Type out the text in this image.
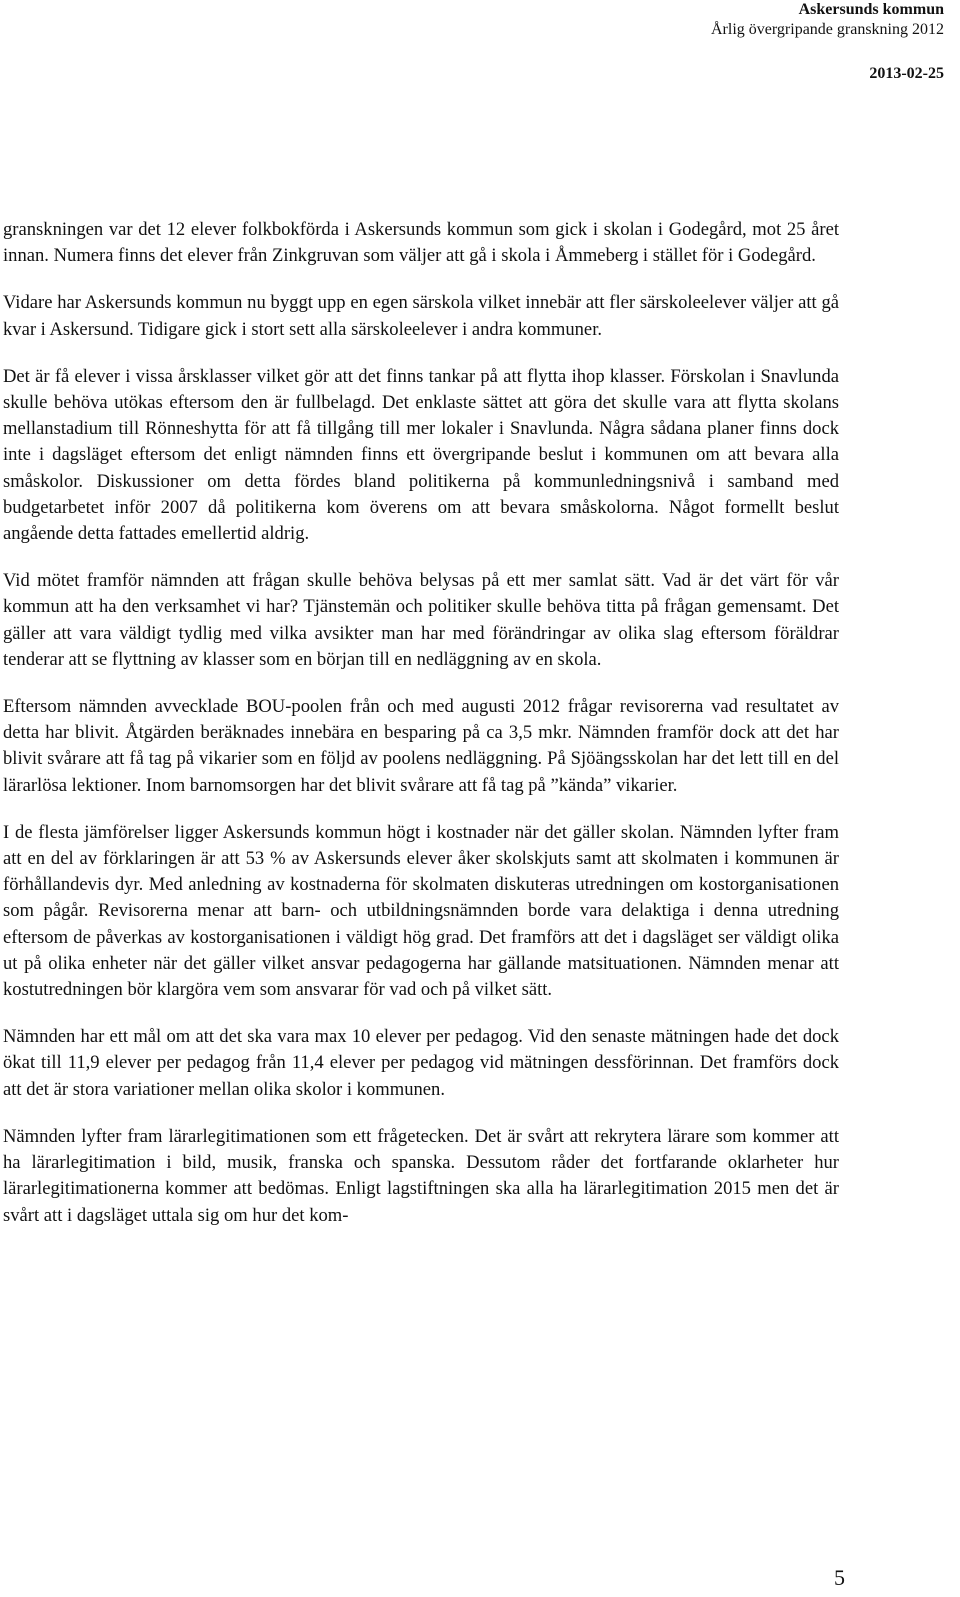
Askersunds kommun
Årlig övergripande granskning 2012
2013-02-25

granskningen var det 12 elever folkbokförda i Askersunds kommun som gick i skolan i Godegård, mot 25 året innan. Numera finns det elever från Zinkgruvan som väljer att gå i skola i Åmmeberg i stället för i Godegård.

Vidare har Askersunds kommun nu byggt upp en egen särskola vilket innebär att fler särskoleelever väljer att gå kvar i Askersund. Tidigare gick i stort sett alla särskoleelever i andra kommuner.

Det är få elever i vissa årsklasser vilket gör att det finns tankar på att flytta ihop klasser. Förskolan i Snavlunda skulle behöva utökas eftersom den är fullbelagd. Det enklaste sättet att göra det skulle vara att flytta skolans mellanstadium till Rönneshytta för att få tillgång till mer lokaler i Snavlunda. Några sådana planer finns dock inte i dagsläget eftersom det enligt nämnden finns ett övergripande beslut i kommunen om att bevara alla småskolor. Diskussioner om detta fördes bland politikerna på kommunledningsnivå i samband med budgetarbetet inför 2007 då politikerna kom överens om att bevara småskolorna. Något formellt beslut angående detta fattades emellertid aldrig.

Vid mötet framför nämnden att frågan skulle behöva belysas på ett mer samlat sätt. Vad är det värt för vår kommun att ha den verksamhet vi har? Tjänstemän och politiker skulle behöva titta på frågan gemensamt. Det gäller att vara väldigt tydlig med vilka avsikter man har med förändringar av olika slag eftersom föräldrar tenderar att se flyttning av klasser som en början till en nedläggning av en skola.

Eftersom nämnden avvecklade BOU-poolen från och med augusti 2012 frågar revisorerna vad resultatet av detta har blivit. Åtgärden beräknades innebära en besparing på ca 3,5 mkr. Nämnden framför dock att det har blivit svårare att få tag på vikarier som en följd av poolens nedläggning. På Sjöängsskolan har det lett till en del lärarlösa lektioner. Inom barnomsorgen har det blivit svårare att få tag på ”kända” vikarier.

I de flesta jämförelser ligger Askersunds kommun högt i kostnader när det gäller skolan. Nämnden lyfter fram att en del av förklaringen är att 53 % av Askersunds elever åker skolskjuts samt att skolmaten i kommunen är förhållandevis dyr. Med anledning av kostnaderna för skolmaten diskuteras utredningen om kostorganisationen som pågår. Revisorerna menar att barn- och utbildningsnämnden borde vara delaktiga i denna utredning eftersom de påverkas av kostorganisationen i väldigt hög grad. Det framförs att det i dagsläget ser väldigt olika ut på olika enheter när det gäller vilket ansvar pedagogerna har gällande matsituationen. Nämnden menar att kostutredningen bör klargöra vem som ansvarar för vad och på vilket sätt.

Nämnden har ett mål om att det ska vara max 10 elever per pedagog. Vid den senaste mätningen hade det dock ökat till 11,9 elever per pedagog från 11,4 elever per pedagog vid mätningen dessförinnan. Det framförs dock att det är stora variationer mellan olika skolor i kommunen.

Nämnden lyfter fram lärarlegitimationen som ett frågetecken. Det är svårt att rekrytera lärare som kommer att ha lärarlegitimation i bild, musik, franska och spanska. Dessutom råder det fortfarande oklarheter hur lärarlegitimationerna kommer att bedömas. Enligt lagstiftningen ska alla ha lärarlegitimation 2015 men det är svårt att i dagsläget uttala sig om hur det kom-

5
